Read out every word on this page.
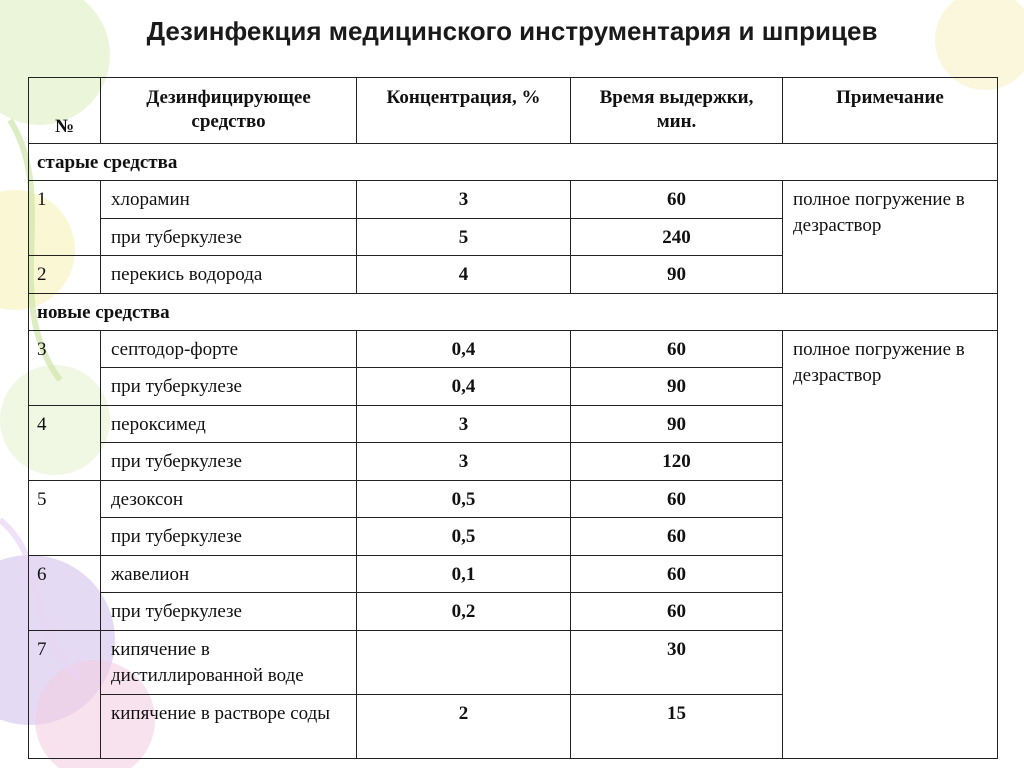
Дезинфекция медицинского инструментария и шприцев
№	Дезинфицирующее средство	Концентрация, %	Время выдержки, мин.	Примечание
старые средства				
1	хлорамин	3	60	полное погружение в дезраствор
	при туберкулезе	5	240	
2	перекись водорода	4	90	
новые средства				
3	септодор-форте	0,4	60	полное погружение в дезраствор
	при туберкулезе	0,4	90	
4	пероксимед	3	90	
	при туберкулезе	3	120	
5	дезоксон	0,5	60	
	при туберкулезе	0,5	60	
6	жавелион	0,1	60	
	при туберкулезе	0,2	60	
7	кипячение в дистиллированной воде		30	
	кипячение в растворе соды	2	15	
